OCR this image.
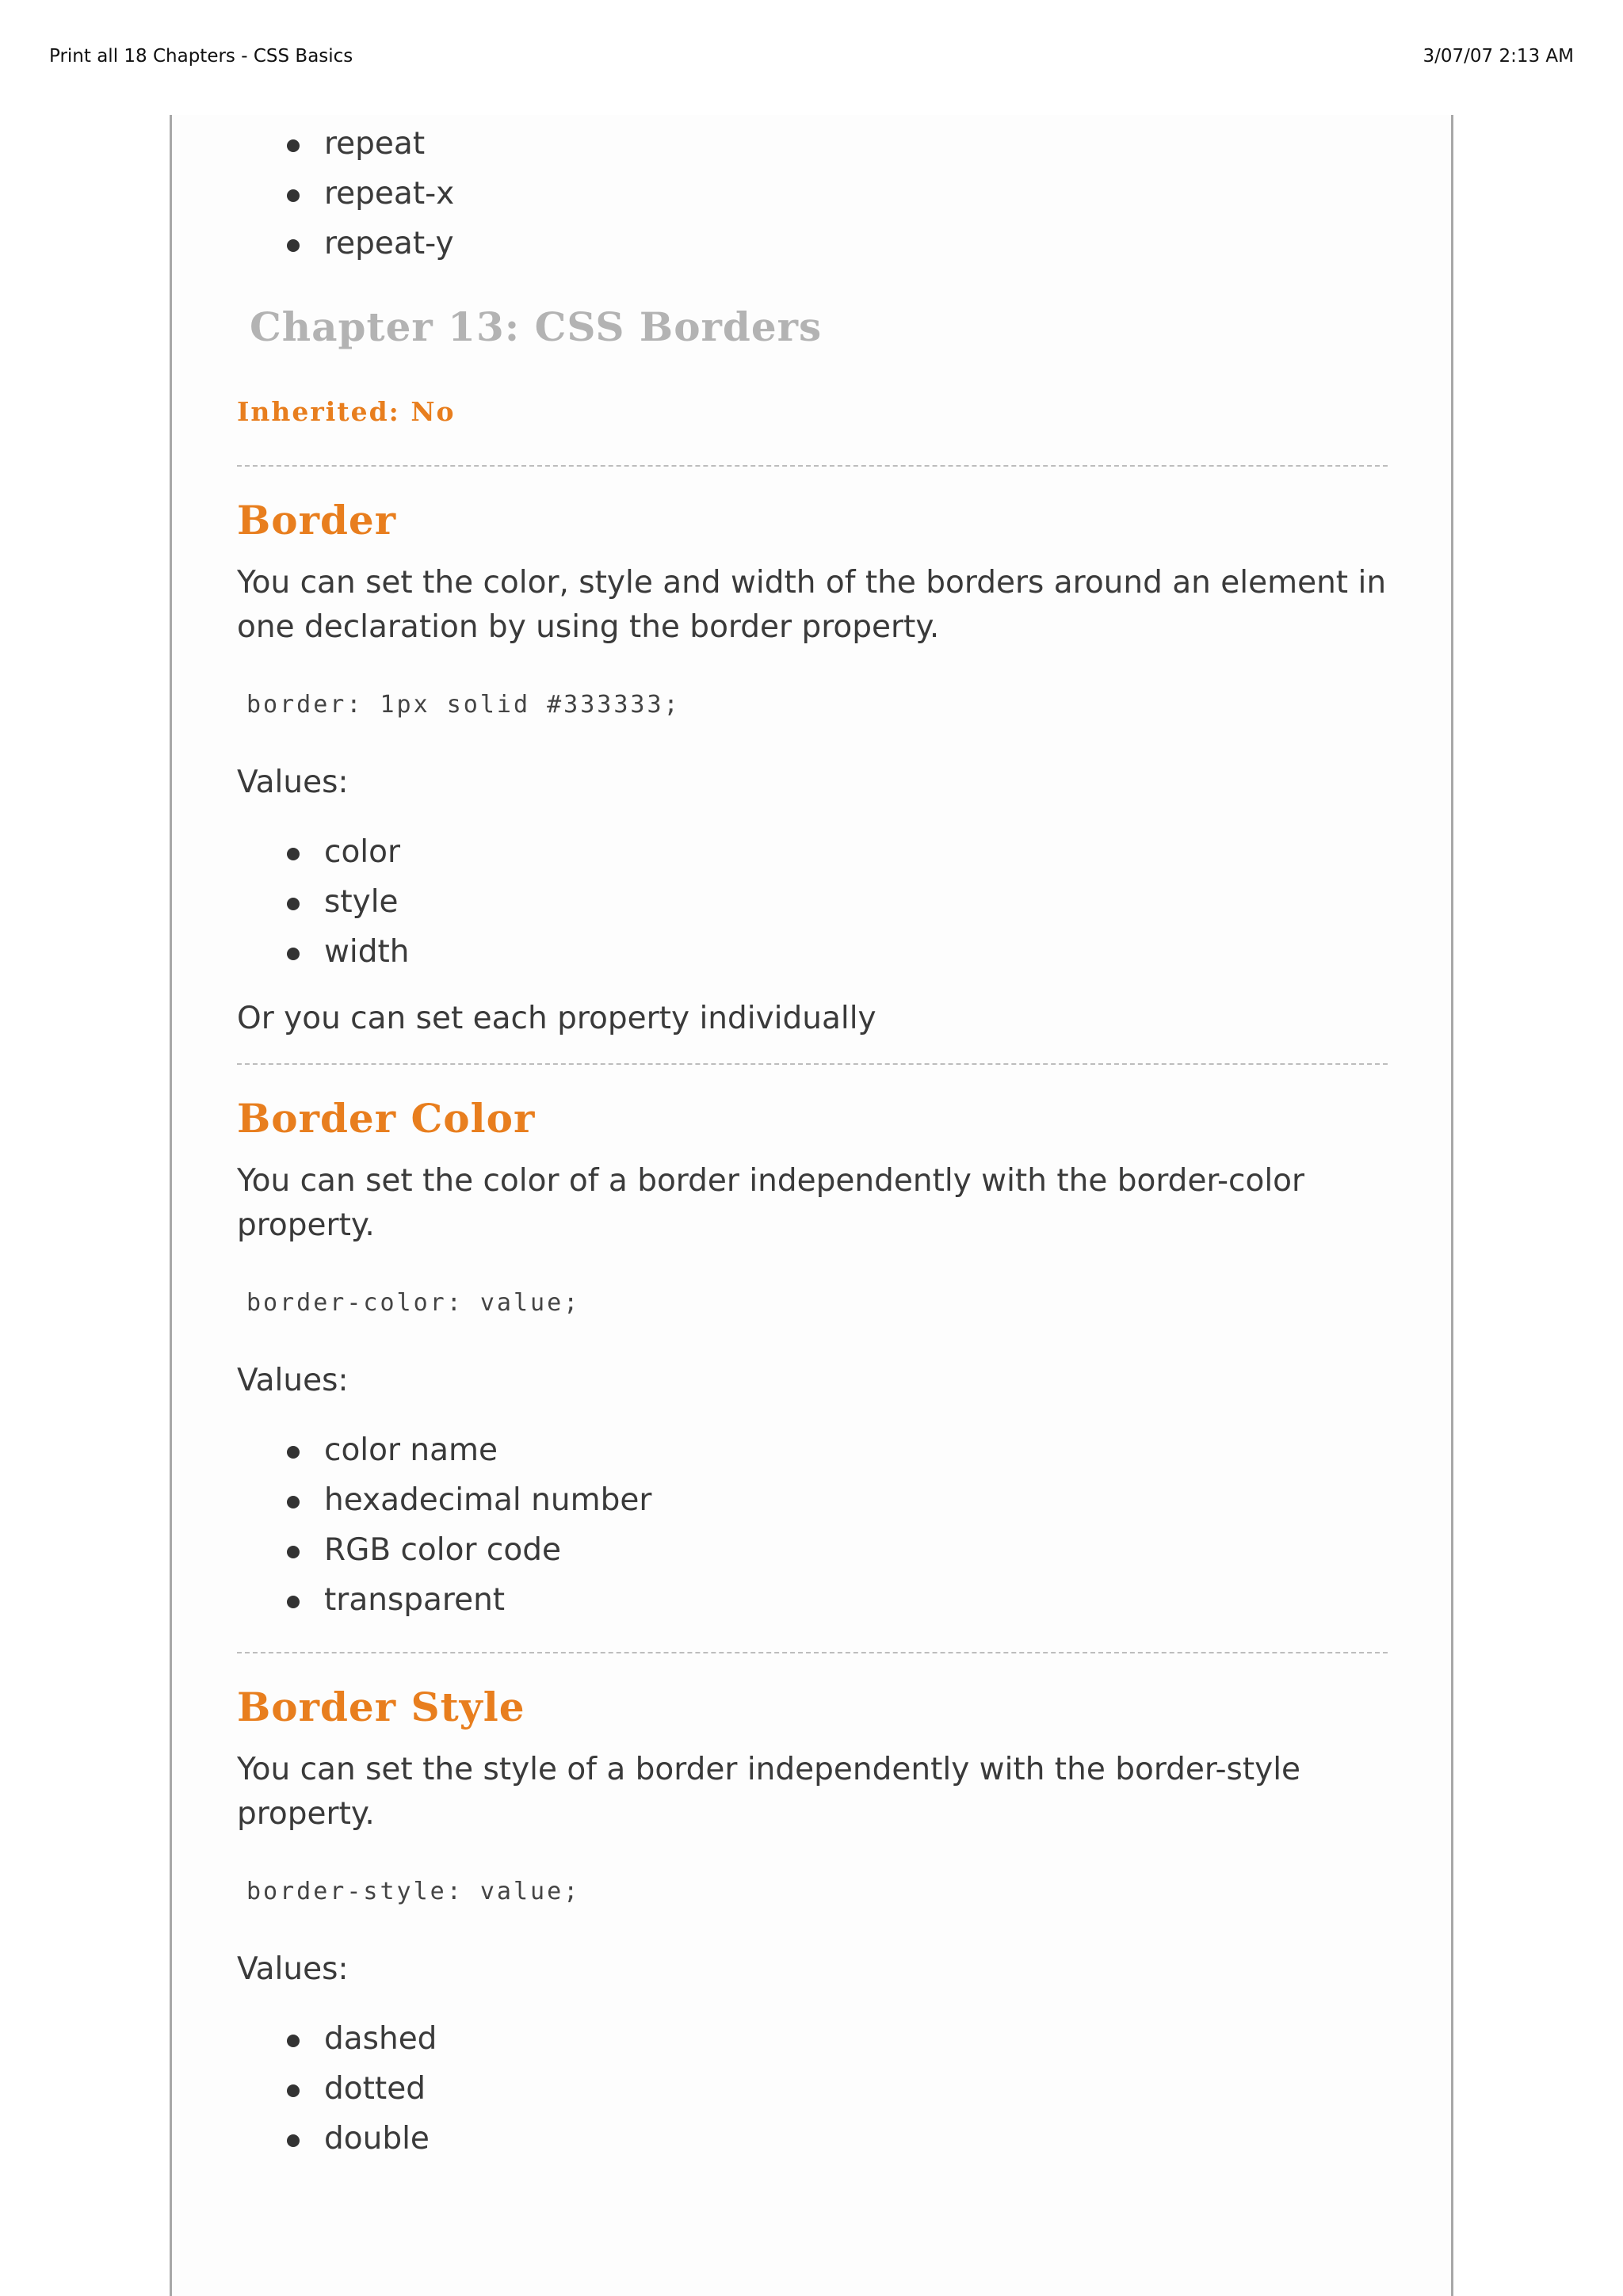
Print all 18 Chapters - CSS Basics	3/07/07 2:13 AM
repeat
repeat-x
repeat-y
Chapter 13: CSS Borders
Inherited: No
Border
You can set the color, style and width of the borders around an element in one declaration by using the border property.
border: 1px solid #333333;
Values:
color
style
width
Or you can set each property individually
Border Color
You can set the color of a border independently with the border-color property.
border-color: value;
Values:
color name
hexadecimal number
RGB color code
transparent
Border Style
You can set the style of a border independently with the border-style property.
border-style: value;
Values:
dashed
dotted
double
